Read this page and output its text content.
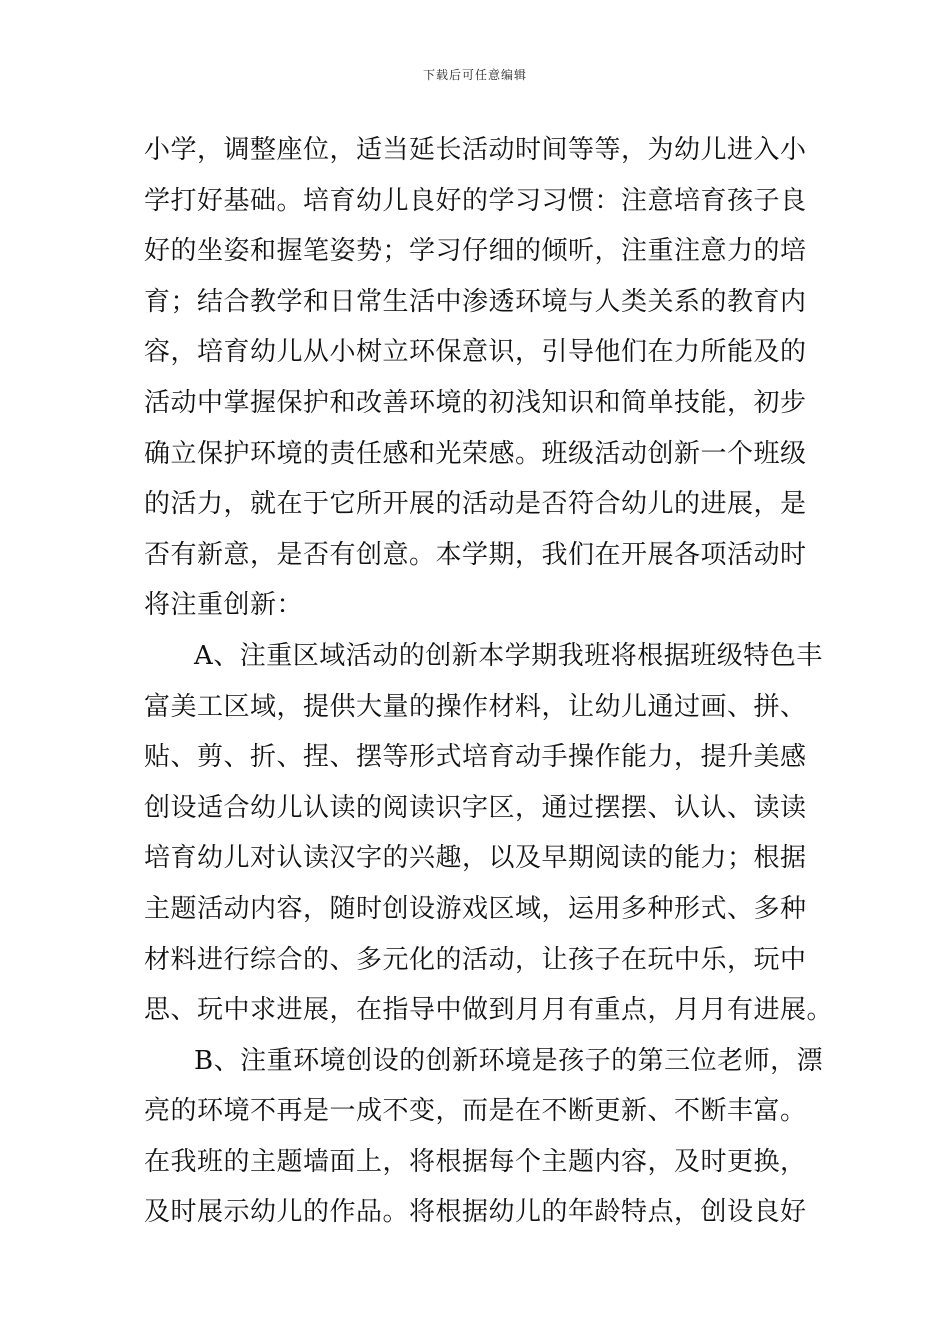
下载后可任意编辑
小学，调整座位，适当延长活动时间等等，为幼儿进入小
学打好基础。培育幼儿良好的学习习惯：注意培育孩子良
好的坐姿和握笔姿势；学习仔细的倾听，注重注意力的培
育；结合教学和日常生活中渗透环境与人类关系的教育内
容，培育幼儿从小树立环保意识，引导他们在力所能及的
活动中掌握保护和改善环境的初浅知识和简单技能，初步
确立保护环境的责任感和光荣感。班级活动创新一个班级
的活力，就在于它所开展的活动是否符合幼儿的进展，是
否有新意，是否有创意。本学期，我们在开展各项活动时
将注重创新：
A、注重区域活动的创新本学期我班将根据班级特色丰
富美工区域，提供大量的操作材料，让幼儿通过画、拼、
贴、剪、折、捏、摆等形式培育动手操作能力，提升美感
创设适合幼儿认读的阅读识字区，通过摆摆、认认、读读
培育幼儿对认读汉字的兴趣，以及早期阅读的能力；根据
主题活动内容，随时创设游戏区域，运用多种形式、多种
材料进行综合的、多元化的活动，让孩子在玩中乐，玩中
思、玩中求进展，在指导中做到月月有重点，月月有进展。
B、注重环境创设的创新环境是孩子的第三位老师，漂
亮的环境不再是一成不变，而是在不断更新、不断丰富。
在我班的主题墙面上，将根据每个主题内容，及时更换，
及时展示幼儿的作品。将根据幼儿的年龄特点，创设良好
